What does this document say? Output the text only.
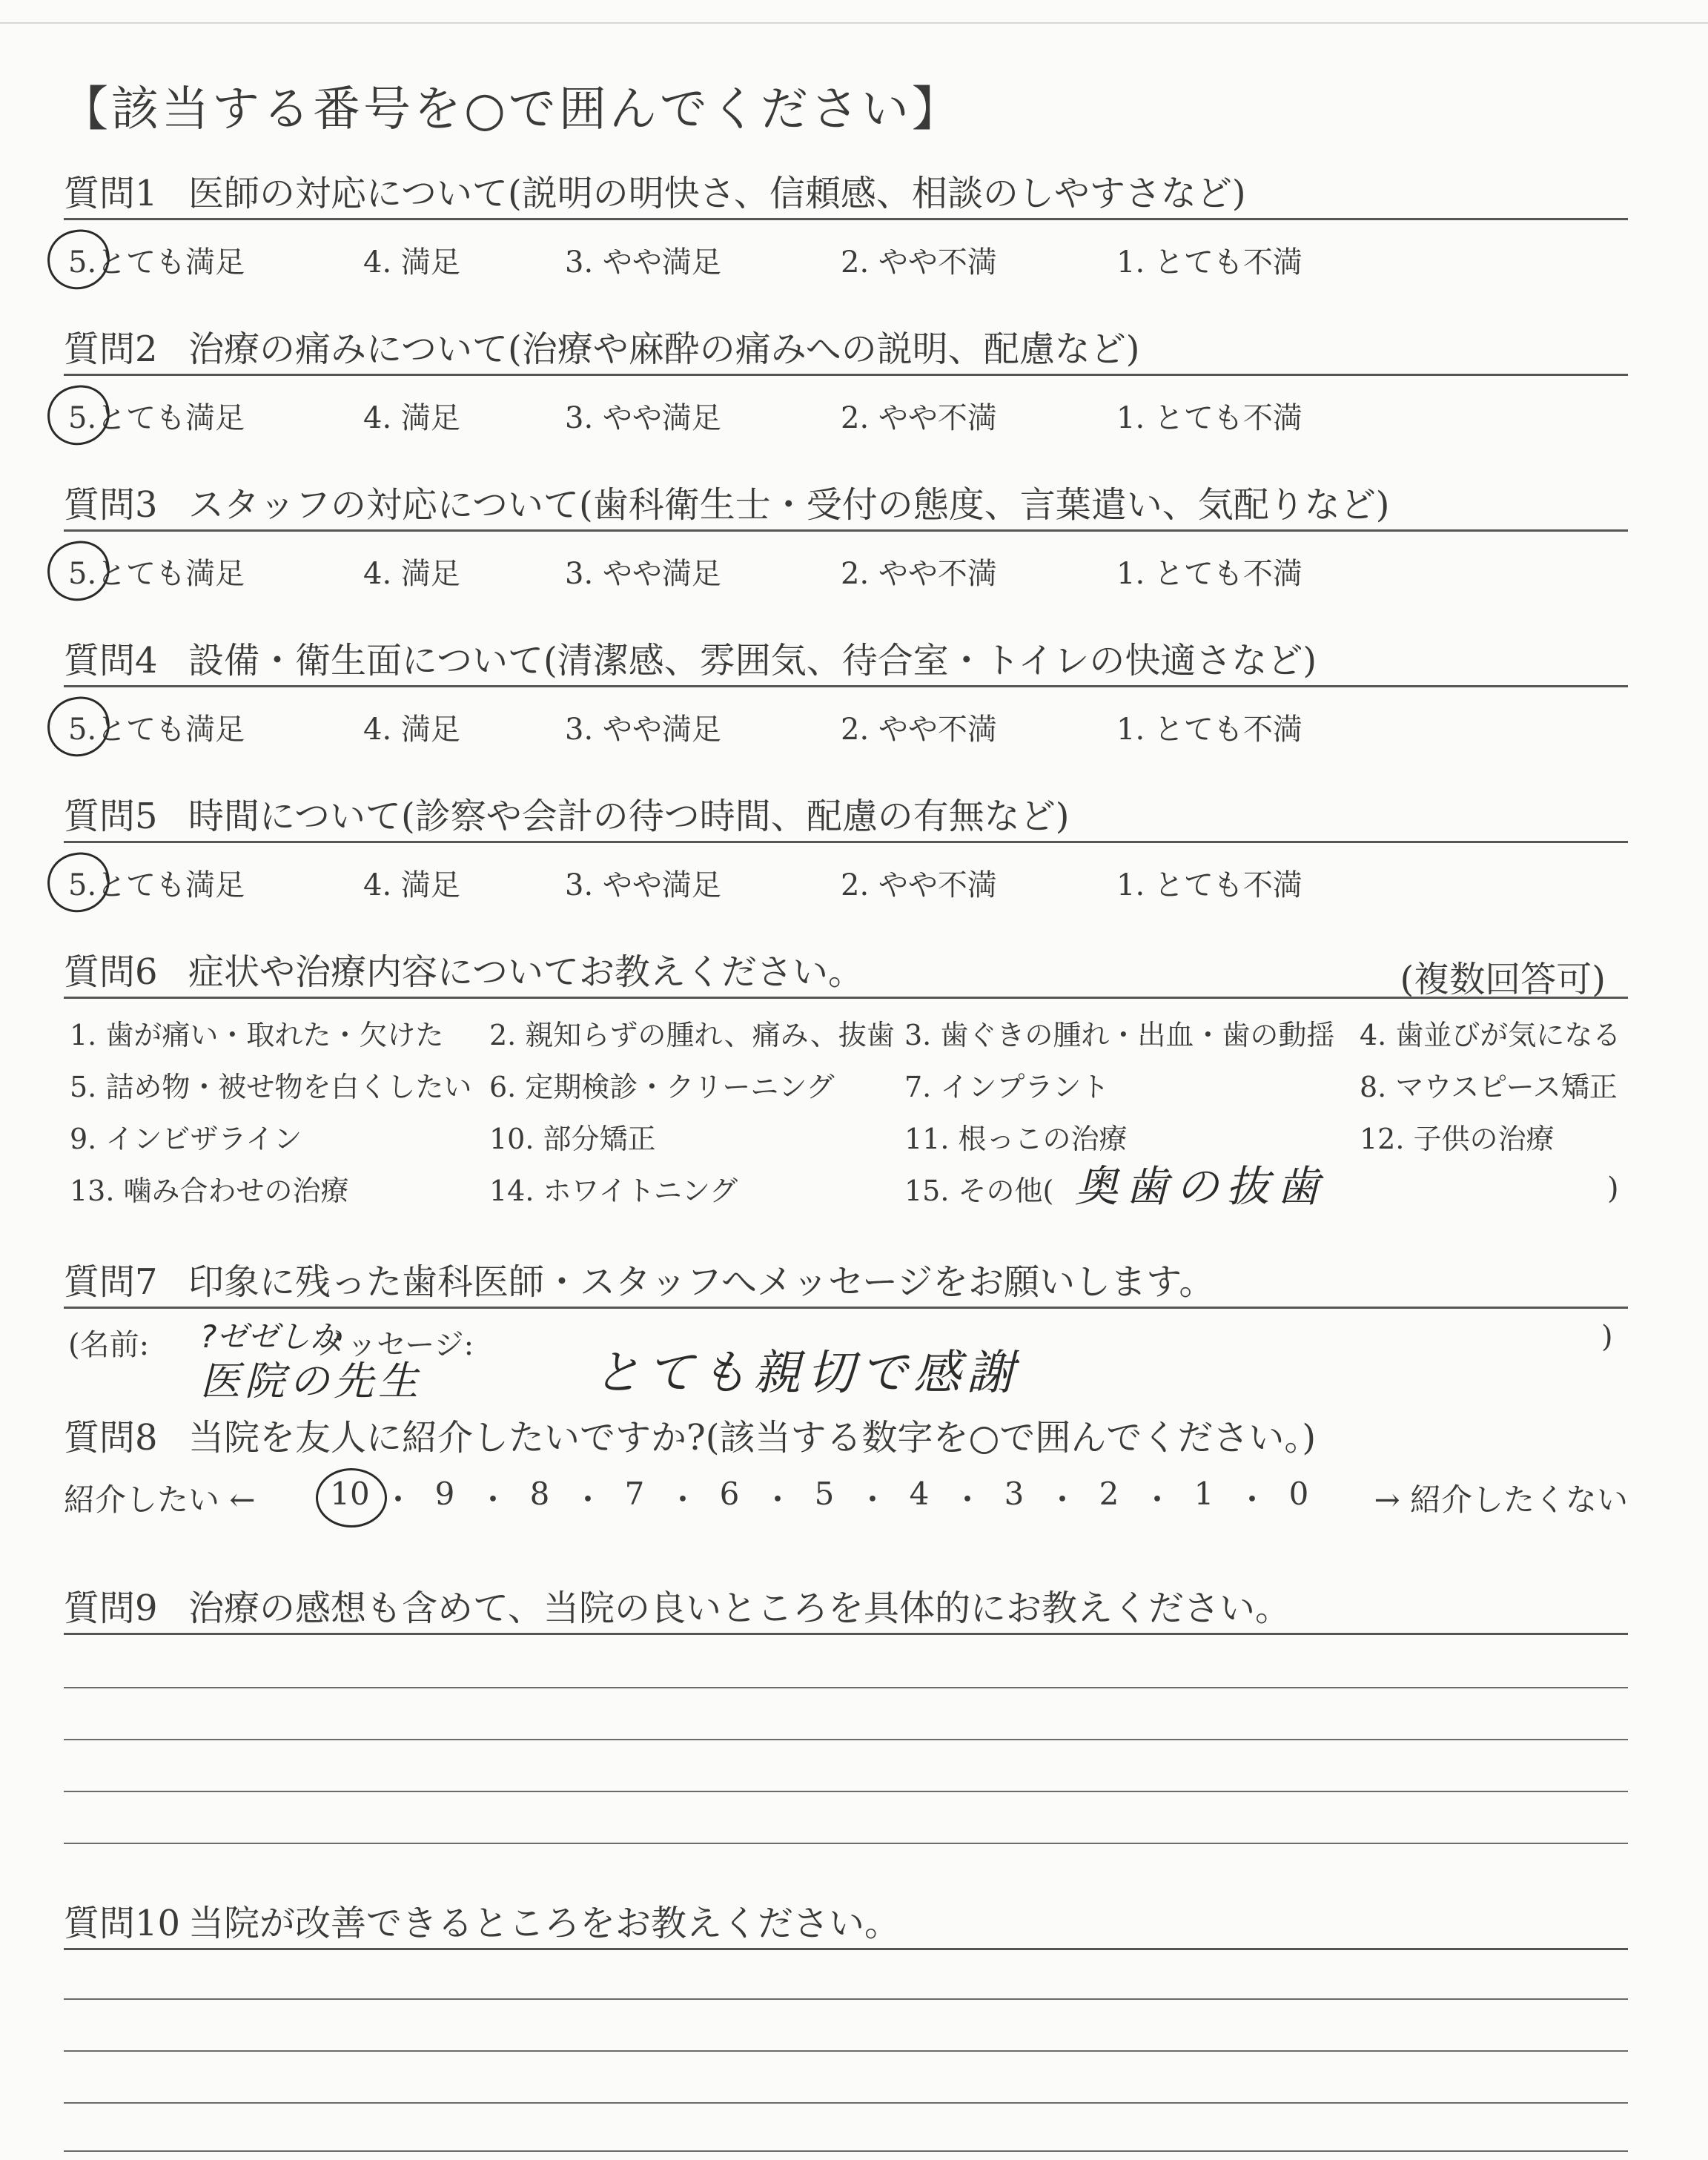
【該当する番号を○で囲んでください】
質問1 医師の対応について(説明の明快さ、信頼感、相談のしやすさなど)
5.とても満足	4. 満足	3. やや満足	2. やや不満	1. とても不満
質問2 治療の痛みについて(治療や麻酔の痛みへの説明、配慮など)
5.とても満足	4. 満足	3. やや満足	2. やや不満	1. とても不満
質問3 スタッフの対応について(歯科衛生士・受付の態度、言葉遣い、気配りなど)
5.とても満足	4. 満足	3. やや満足	2. やや不満	1. とても不満
質問4 設備・衛生面について(清潔感、雰囲気、待合室・トイレの快適さなど)
5.とても満足	4. 満足	3. やや満足	2. やや不満	1. とても不満
質問5 時間について(診察や会計の待つ時間、配慮の有無など)
5.とても満足	4. 満足	3. やや満足	2. やや不満	1. とても不満
質問6 症状や治療内容についてお教えください。	(複数回答可)
1. 歯が痛い・取れた・欠けた 2. 親知らずの腫れ、痛み、抜歯 3. 歯ぐきの腫れ・出血・歯の動揺 4. 歯並びが気になる
5. 詰め物・被せ物を白くしたい 6. 定期検診・クリーニング 7. インプラント	8. マウスピース矯正
9. インビザライン	10. 部分矯正	11. 根っこの治療	12. 子供の治療
13. 噛み合わせの治療	14. ホワイトニング	15. その他( 奥歯の抜歯	)
質問7 印象に残った歯科医師・スタッフへメッセージをお願いします。
(名前: ?ゼゼしか
医院の先生
メッセージ:
とても親切で感謝
)
質問8 当院を友人に紹介したいですか?(該当する数字を○で囲んでください。)
紹介したい ←	→ 紹介したくない
10 ・ 9 ・ 8 ・ 7 ・ 6 ・ 5 ・ 4 ・ 3 ・ 2 ・ 1 ・ 0
質問9 治療の感想も含めて、当院の良いところを具体的にお教えください。
質問10 当院が改善できるところをお教えください。
